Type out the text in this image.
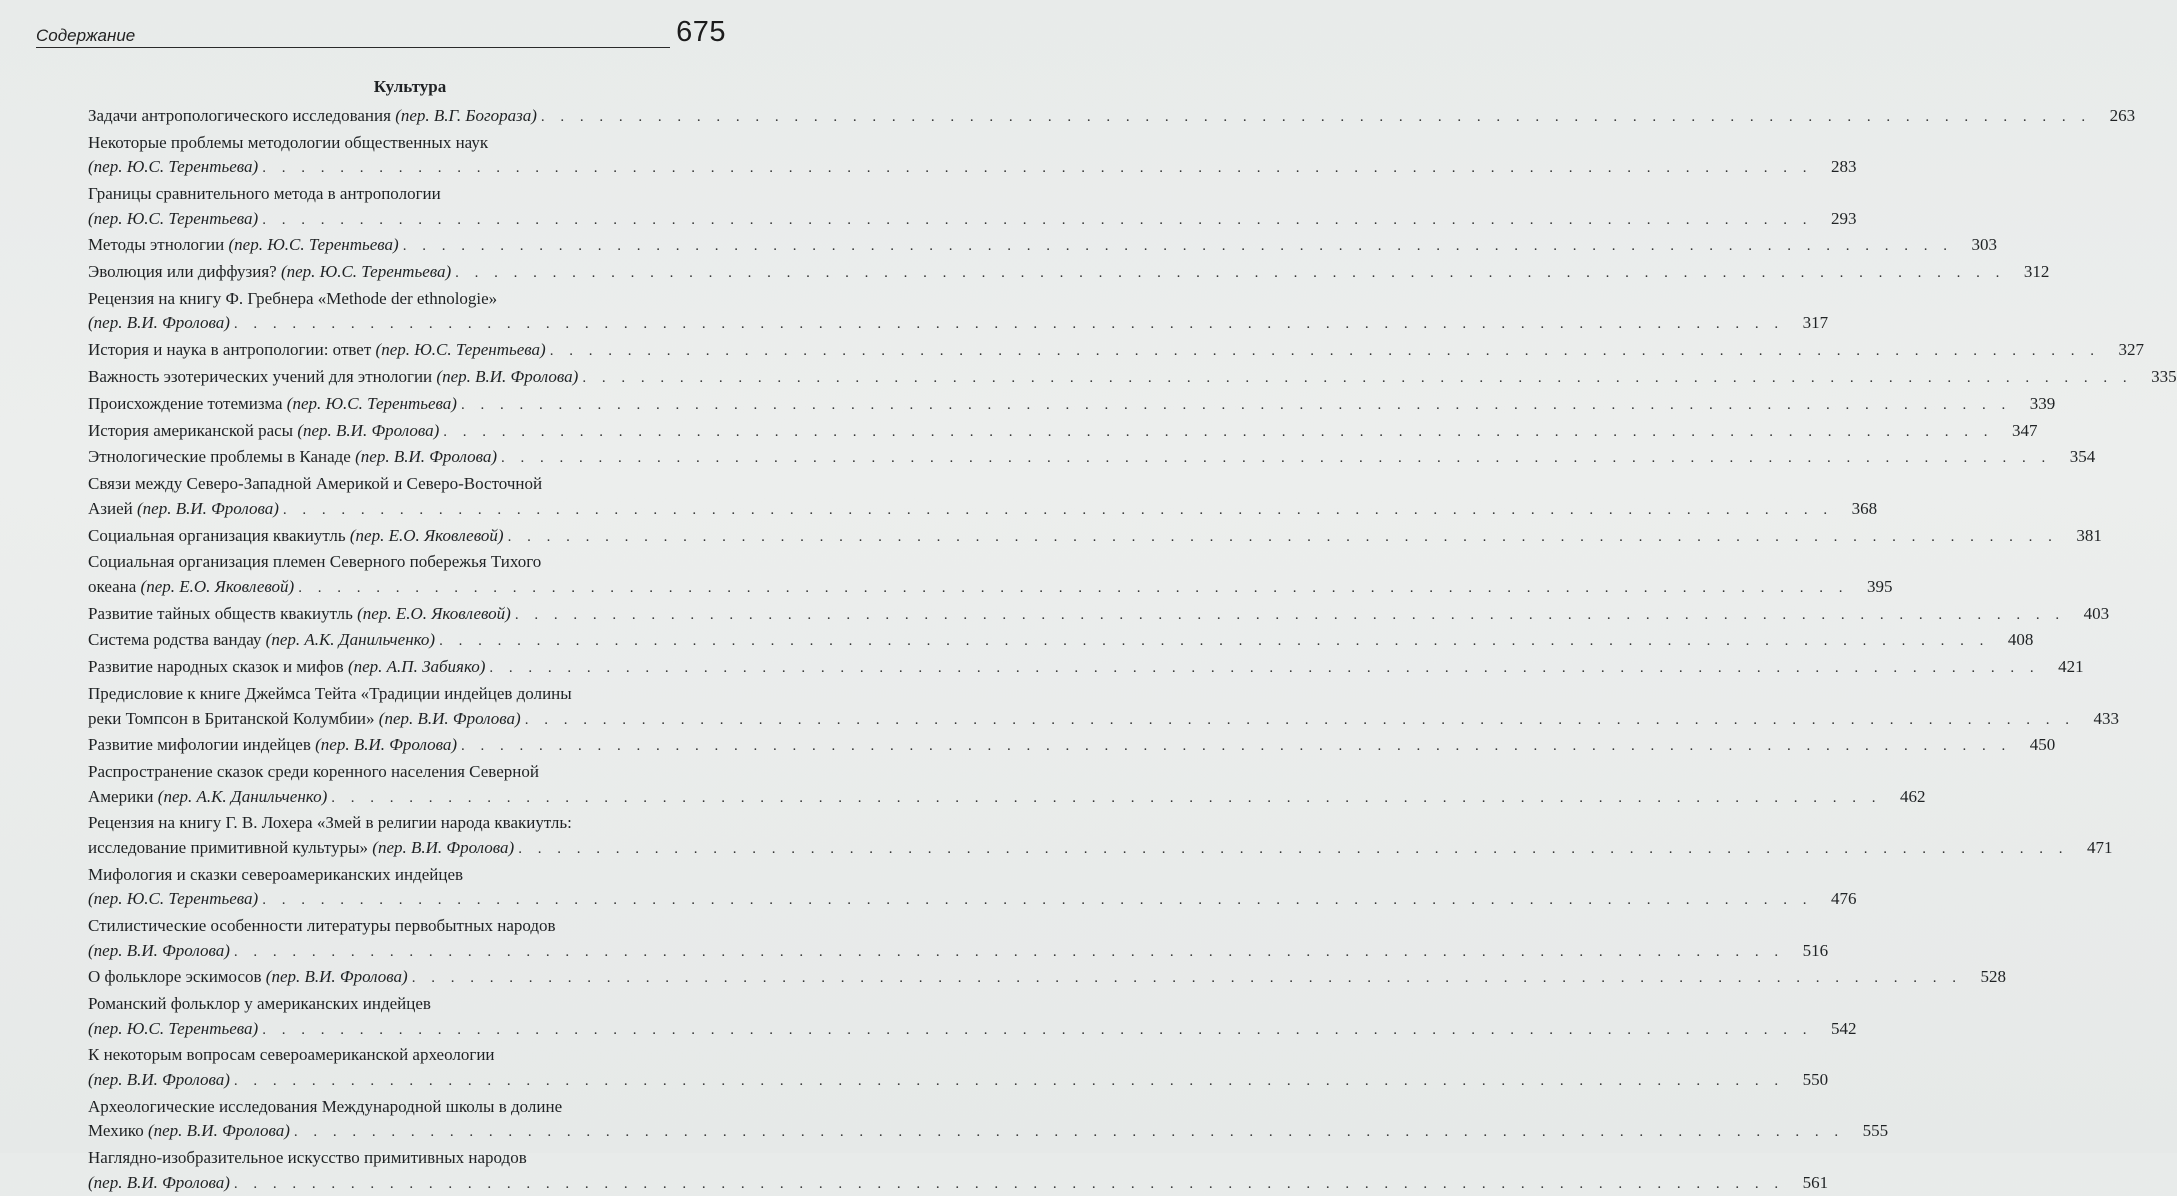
Содержание	675
Культура
Задачи антропологического исследования (пер. В.Г. Богораза) . . .	263
Некоторые проблемы методологии общественных наук
(пер. Ю.С. Терентьева) . . .	283
Границы сравнительного метода в антропологии
(пер. Ю.С. Терентьева) . . .	293
Методы этнологии (пер. Ю.С. Терентьева) . . .	303
Эволюция или диффузия? (пер. Ю.С. Терентьева) . . .	312
Рецензия на книгу Ф. Гребнера «Methode der ethnologie»
(пер. В.И. Фролова) . . .	317
История и наука в антропологии: ответ (пер. Ю.С. Терентьева) . . .	327
Важность эзотерических учений для этнологии (пер. В.И. Фролова) . . .	335
Происхождение тотемизма (пер. Ю.С. Терентьева) . . .	339
История американской расы (пер. В.И. Фролова) . . .	347
Этнологические проблемы в Канаде (пер. В.И. Фролова) . . .	354
Связи между Северо-Западной Америкой и Северо-Восточной
Азией (пер. В.И. Фролова) . . .	368
Социальная организация квакиутль (пер. Е.О. Яковлевой) . . .	381
Социальная организация племен Северного побережья Тихого
океана (пер. Е.О. Яковлевой) . . .	395
Развитие тайных обществ квакиутль (пер. Е.О. Яковлевой) . . .	403
Система родства вандау (пер. А.К. Данильченко) . . .	408
Развитие народных сказок и мифов (пер. А.П. Забияко) . . .	421
Предисловие к книге Джеймса Тейта «Традиции индейцев долины
реки Томпсон в Британской Колумбии» (пер. В.И. Фролова) . . .	433
Развитие мифологии индейцев (пер. В.И. Фролова) . . .	450
Распространение сказок среди коренного населения Северной
Америки (пер. А.К. Данильченко) . . .	462
Рецензия на книгу Г. В. Лохера «Змей в религии народа квакиутль:
исследование примитивной культуры» (пер. В.И. Фролова) . . .	471
Мифология и сказки североамериканских индейцев
(пер. Ю.С. Терентьева) . . .	476
Стилистические особенности литературы первобытных народов
(пер. В.И. Фролова) . . .	516
О фольклоре эскимосов (пер. В.И. Фролова) . . .	528
Романский фольклор у американских индейцев
(пер. Ю.С. Терентьева) . . .	542
К некоторым вопросам североамериканской археологии
(пер. В.И. Фролова) . . .	550
Археологические исследования Международной школы в долине
Мехико (пер. В.И. Фролова) . . .	555
Наглядно-изобразительное искусство примитивных народов
(пер. В.И. Фролова) . . .	561
